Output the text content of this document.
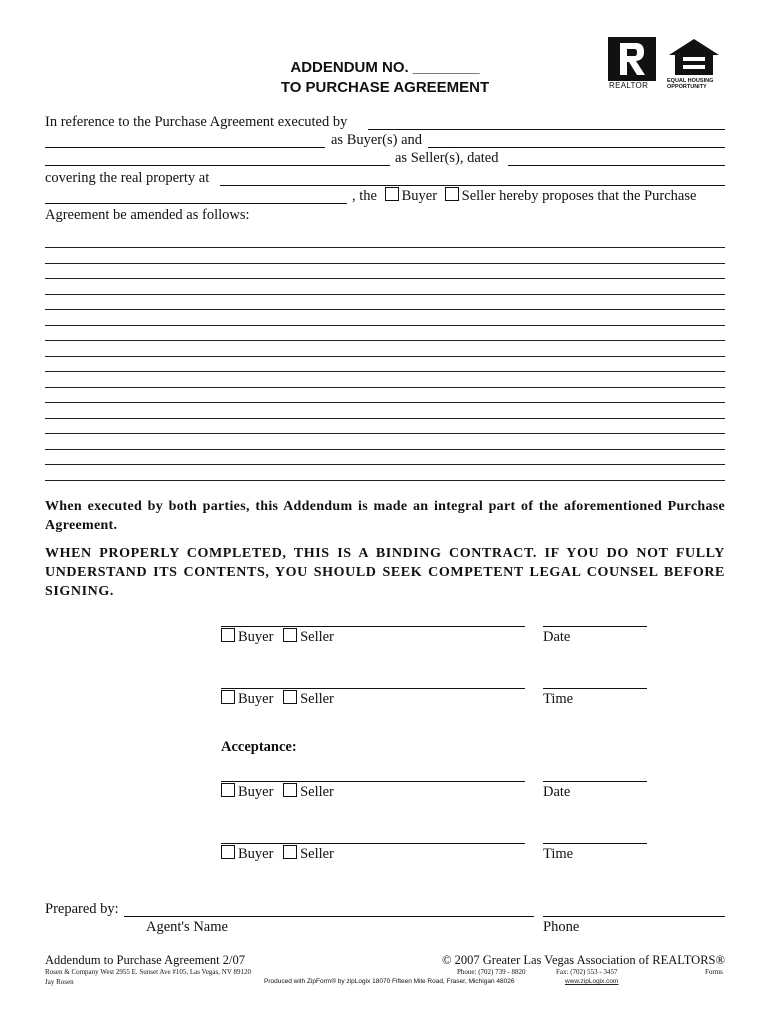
ADDENDUM NO. ________
TO PURCHASE AGREEMENT	REALTOR	EQUAL HOUSING OPPORTUNITY
In reference to the Purchase Agreement executed by
as Buyer(s) and
as Seller(s), dated
covering the real property at
, the Buyer Seller hereby proposes that the Purchase
Agreement be amended as follows:
When executed by both parties, this Addendum is made an integral part of the aforementioned Purchase Agreement.
WHEN PROPERLY COMPLETED, THIS IS A BINDING CONTRACT. IF YOU DO NOT FULLY UNDERSTAND ITS CONTENTS, YOU SHOULD SEEK COMPETENT LEGAL COUNSEL BEFORE SIGNING.
Buyer Seller	Date
Buyer Seller	Time
Acceptance:
Buyer Seller	Date
Buyer Seller	Time
Prepared by:
Agent's Name	Phone
Addendum to Purchase Agreement 2/07	© 2007 Greater Las Vegas Association of REALTORS®
Rosen & Company West 2955 E. Sunset Ave #105, Las Vegas, NV 89120	Phone: (702) 739 - 8820	Fax: (702) 553 - 3457	Forms
Jay Rosen	Produced with ZipForm® by zipLogix 18070 Fifteen Mile Road, Fraser, Michigan 48026	www.zipLogix.com
